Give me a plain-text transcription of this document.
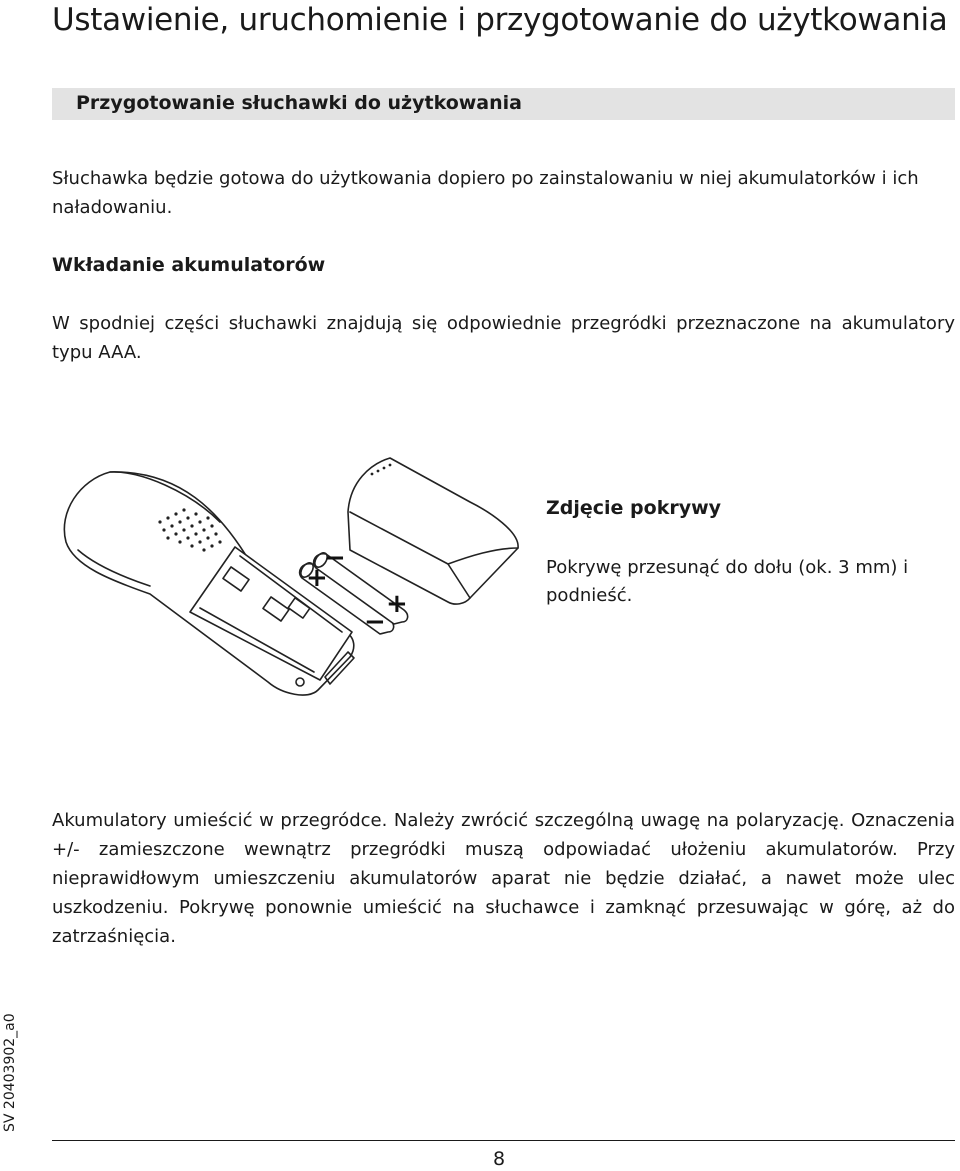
Ustawienie, uruchomienie i przygotowanie do użytkowania
Przygotowanie słuchawki do użytkowania

Słuchawka będzie gotowa do użytkowania dopiero po zainstalowaniu w niej akumulatorków i ich naładowaniu.

Wkładanie akumulatorów

W spodniej części słuchawki znajdują się odpowiednie przegródki przeznaczone na akumulatory typu AAA.

+
−
+
−
Zdjęcie pokrywy

Pokrywę przesunąć do dołu (ok. 3 mm) i podnieść.

Akumulatory umieścić w przegródce. Należy zwrócić szczególną uwagę na polaryzację. Oznaczenia +/- zamieszczone wewnątrz przegródki muszą odpowiadać ułożeniu akumulatorów. Przy nieprawidłowym umieszczeniu akumulatorów aparat nie będzie działać, a nawet może ulec uszkodzeniu. Pokrywę ponownie umieścić na słuchawce i zamknąć przesuwając w górę, aż do zatrzaśnięcia.

SV 20403902_a0

8
